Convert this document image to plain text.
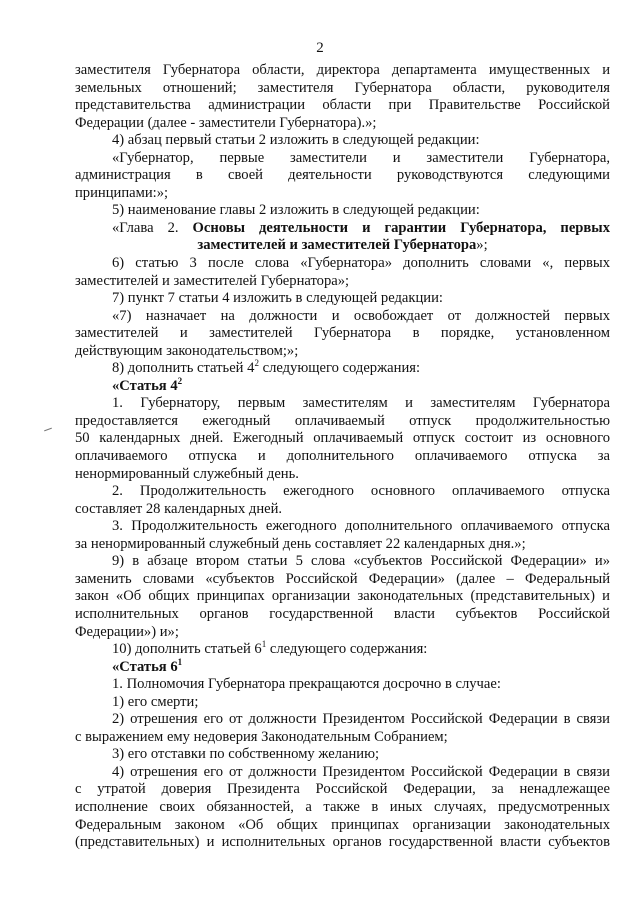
2

заместителя Губернатора области, директора департамента имущественных и

земельных отношений; заместителя Губернатора области, руководителя

представительства администрации области при Правительстве Российской

Федерации (далее - заместители Губернатора).»;

4) абзац первый статьи 2 изложить в следующей редакции:

«Губернатор, первые заместители и заместители Губернатора,

администрация в своей деятельности руководствуются следующими

принципами:»;

5) наименование главы 2 изложить в следующей редакции:

«Глава 2. Основы деятельности и гарантии Губернатора, первых

заместителей и заместителей Губернатора»;

6) статью 3 после слова «Губернатора» дополнить словами «, первых

заместителей и заместителей Губернатора»;

7) пункт 7 статьи 4 изложить в следующей редакции:

«7) назначает на должности и освобождает от должностей первых

заместителей и заместителей Губернатора в порядке, установленном

действующим законодательством;»;

8) дополнить статьей $4^2$ следующего содержания:

«Статья $4^2$

1. Губернатору, первым заместителям и заместителям Губернатора

предоставляется ежегодный оплачиваемый отпуск продолжительностью

50 календарных дней. Ежегодный оплачиваемый отпуск состоит из основного

оплачиваемого отпуска и дополнительного оплачиваемого отпуска за

ненормированный служебный день.

2. Продолжительность ежегодного основного оплачиваемого отпуска

составляет 28 календарных дней.

3. Продолжительность ежегодного дополнительного оплачиваемого отпуска

за ненормированный служебный день составляет 22 календарных дня.»;

9) в абзаце втором статьи 5 слова «субъектов Российской Федерации» и»

заменить словами «субъектов Российской Федерации» (далее – Федеральный

закон «Об общих принципах организации законодательных (представительных) и

исполнительных органов государственной власти субъектов Российской

Федерации») и»;

10) дополнить статьей $6^1$ следующего содержания:

«Статья $6^1$

1. Полномочия Губернатора прекращаются досрочно в случае:

1) его смерти;

2) отрешения его от должности Президентом Российской Федерации в связи

с выражением ему недоверия Законодательным Собранием;

3) его отставки по собственному желанию;

4) отрешения его от должности Президентом Российской Федерации в связи

с утратой доверия Президента Российской Федерации, за ненадлежащее

исполнение своих обязанностей, а также в иных случаях, предусмотренных

Федеральным законом «Об общих принципах организации законодательных

(представительных) и исполнительных органов государственной власти субъектов
